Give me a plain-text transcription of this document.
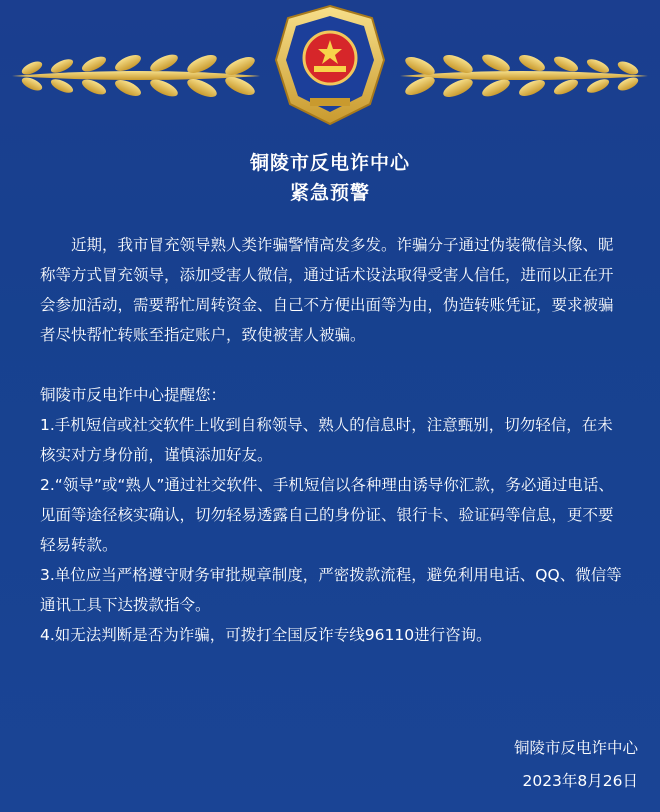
铜陵市反电诈中心
紧急预警

近期，我市冒充领导熟人类诈骗警情高发多发。诈骗分子通过伪装微信头像、昵称等方式冒充领导，添加受害人微信，通过话术设法取得受害人信任，进而以正在开会参加活动，需要帮忙周转资金、自己不方便出面等为由，伪造转账凭证，要求被骗者尽快帮忙转账至指定账户，致使被害人被骗。

铜陵市反电诈中心提醒您：

1.手机短信或社交软件上收到自称领导、熟人的信息时，注意甄别，切勿轻信，在未核实对方身份前，谨慎添加好友。

2.“领导”或“熟人”通过社交软件、手机短信以各种理由诱导你汇款，务必通过电话、见面等途径核实确认，切勿轻易透露自己的身份证、银行卡、验证码等信息，更不要轻易转款。

3.单位应当严格遵守财务审批规章制度，严密拨款流程，避免利用电话、QQ、微信等通讯工具下达拨款指令。

4.如无法判断是否为诈骗，可拨打全国反诈专线96110进行咨询。

铜陵市反电诈中心
2023年8月26日
